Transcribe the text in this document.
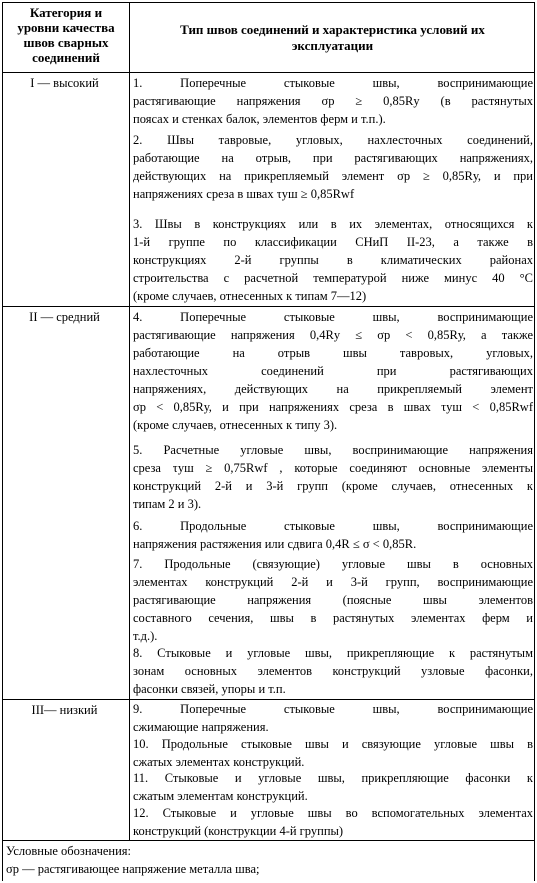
Категория и
уровни качества
швов сварных
соединений
Тип швов соединений и характеристика условий их
эксплуатации
I — высокий
II — средний
III— низкий
1. Поперечные стыковые швы, воспринимающие
растягивающие напряжения σр ≥ 0,85Rу (в растянутых
поясах и стенках балок, элементов ферм и т.п.).
2. Швы тавровые, угловых, нахлесточных соединений,
работающие на отрыв, при растягивающих напряжениях,
действующих на прикрепляемый элемент σр ≥ 0,85Rу, и при
напряжениях среза в швах τуш ≥ 0,85Rwf
3. Швы в конструкциях или в их элементах, относящихся к
1-й группе по классификации СНиП II-23, а также в
конструкциях 2-й группы в климатических районах
строительства с расчетной температурой ниже минус 40 °С
(кроме случаев, отнесенных к типам 7—12)
4. Поперечные стыковые швы, воспринимающие
растягивающие напряжения 0,4Rу ≤ σр < 0,85Rу, а также
работающие на отрыв швы тавровых, угловых,
нахлесточных соединений при растягивающих
напряжениях, действующих на прикрепляемый элемент
σр < 0,85Rу, и при напряжениях среза в швах τуш < 0,85Rwf
(кроме случаев, отнесенных к типу 3).
5. Расчетные угловые швы, воспринимающие напряжения
среза τуш ≥ 0,75Rwf , которые соединяют основные элементы
конструкций 2-й и 3-й групп (кроме случаев, отнесенных к
типам 2 и 3).
6. Продольные стыковые швы, воспринимающие
напряжения растяжения или сдвига 0,4R ≤ σ < 0,85R.
7. Продольные (связующие) угловые швы в основных
элементах конструкций 2-й и 3-й групп, воспринимающие
растягивающие напряжения (поясные швы элементов
составного сечения, швы в растянутых элементах ферм и
т.д.).
8. Стыковые и угловые швы, прикрепляющие к растянутым
зонам основных элементов конструкций узловые фасонки,
фасонки связей, упоры и т.п.
9. Поперечные стыковые швы, воспринимающие
сжимающие напряжения.
10. Продольные стыковые швы и связующие угловые швы в
сжатых элементах конструкций.
11. Стыковые и угловые швы, прикрепляющие фасонки к
сжатым элементам конструкций.
12. Стыковые и угловые швы во вспомогательных элементах
конструкций (конструкции 4-й группы)
Условные обозначения:
σр — растягивающее напряжение металла шва;
